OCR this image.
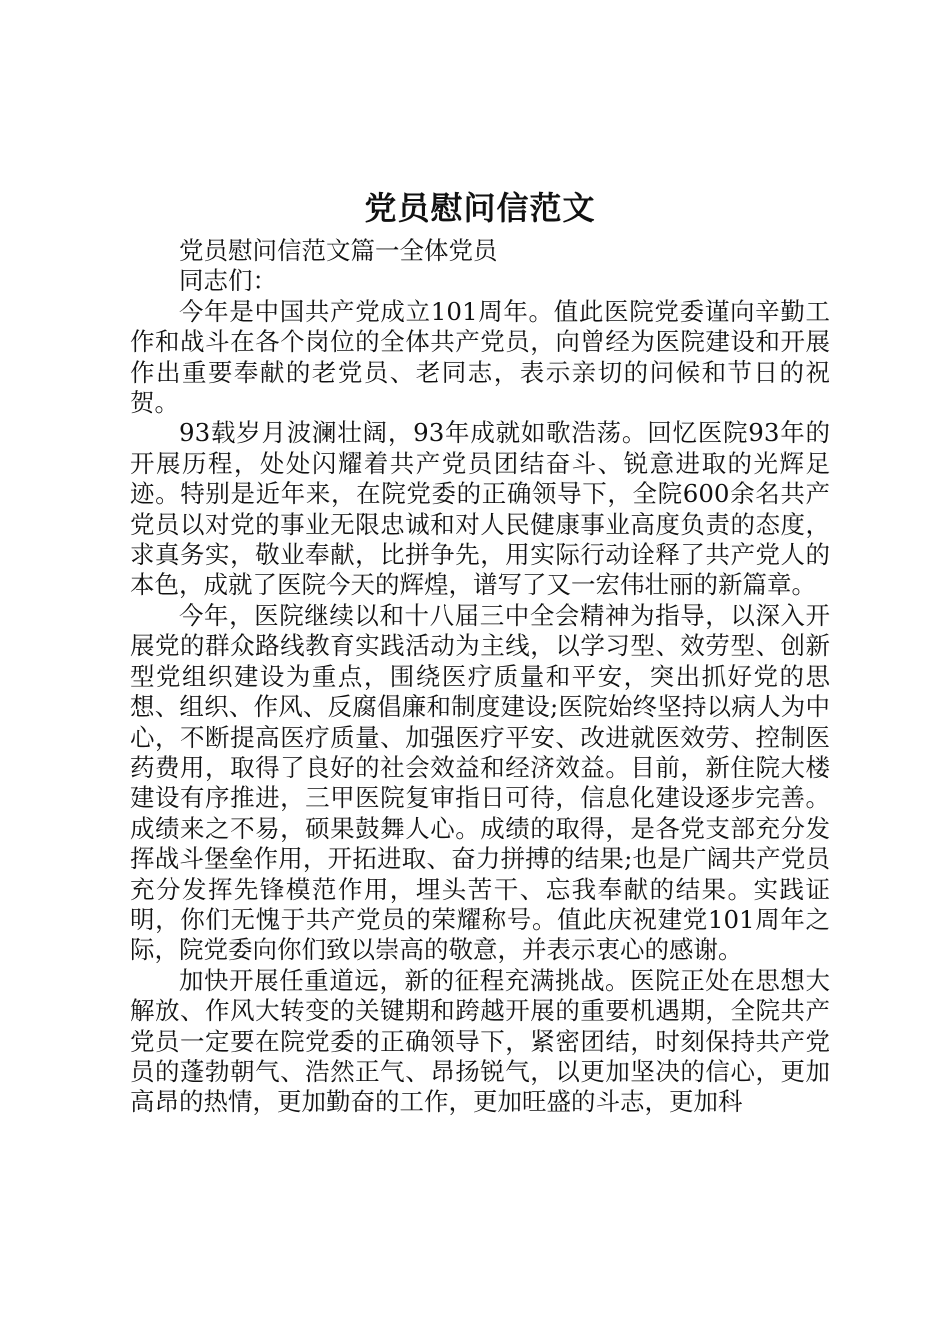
党员慰问信范文

党员慰问信范文篇一全体党员

同志们：

今年是中国共产党成立101周年。值此医院党委谨向辛勤工作和战斗在各个岗位的全体共产党员，向曾经为医院建设和开展作出重要奉献的老党员、老同志，表示亲切的问候和节日的祝贺。

93载岁月波澜壮阔，93年成就如歌浩荡。回忆医院93年的开展历程，处处闪耀着共产党员团结奋斗、锐意进取的光辉足迹。特别是近年来，在院党委的正确领导下，全院600余名共产党员以对党的事业无限忠诚和对人民健康事业高度负责的态度，求真务实，敬业奉献，比拼争先，用实际行动诠释了共产党人的本色，成就了医院今天的辉煌，谱写了又一宏伟壮丽的新篇章。

今年，医院继续以和十八届三中全会精神为指导，以深入开展党的群众路线教育实践活动为主线，以学习型、效劳型、创新型党组织建设为重点，围绕医疗质量和平安，突出抓好党的思想、组织、作风、反腐倡廉和制度建设;医院始终坚持以病人为中心，不断提高医疗质量、加强医疗平安、改进就医效劳、控制医药费用，取得了良好的社会效益和经济效益。目前，新住院大楼建设有序推进，三甲医院复审指日可待，信息化建设逐步完善。成绩来之不易，硕果鼓舞人心。成绩的取得，是各党支部充分发挥战斗堡垒作用，开拓进取、奋力拼搏的结果;也是广阔共产党员充分发挥先锋模范作用，埋头苦干、忘我奉献的结果。实践证明，你们无愧于共产党员的荣耀称号。值此庆祝建党101周年之际，院党委向你们致以崇高的敬意，并表示衷心的感谢。

加快开展任重道远，新的征程充满挑战。医院正处在思想大解放、作风大转变的关键期和跨越开展的重要机遇期，全院共产党员一定要在院党委的正确领导下，紧密团结，时刻保持共产党员的蓬勃朝气、浩然正气、昂扬锐气，以更加坚决的信心，更加高昂的热情，更加勤奋的工作，更加旺盛的斗志，更加科
